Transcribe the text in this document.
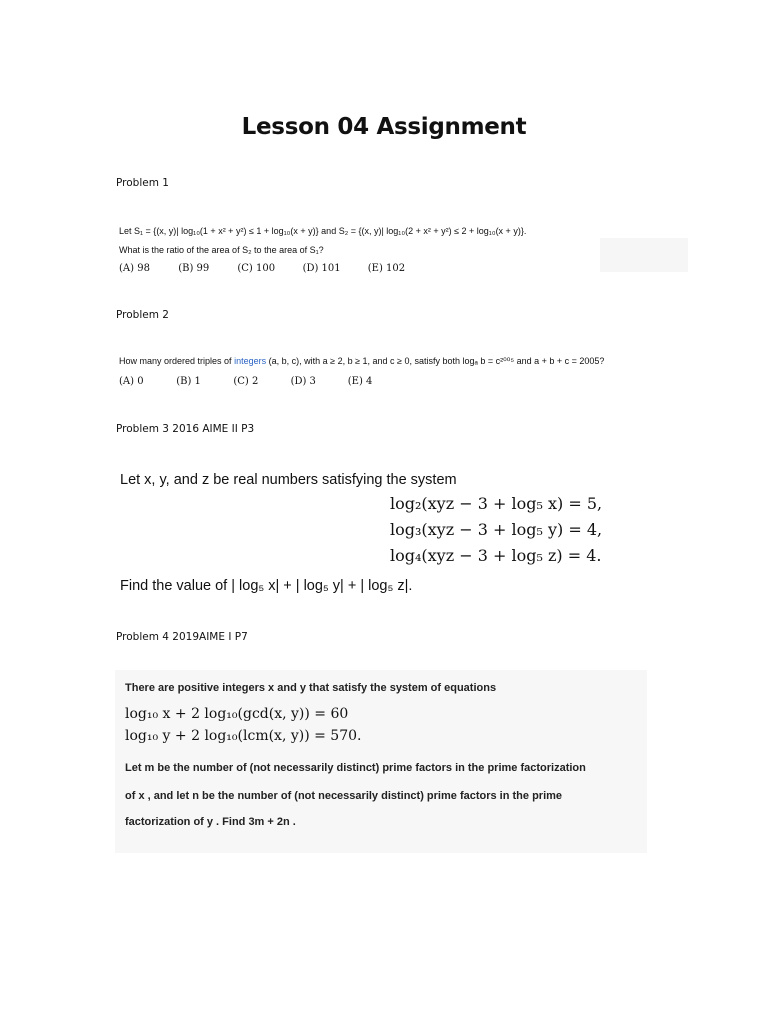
Lesson 04 Assignment
Problem 1
Let S₁ = {(x, y)| log₁₀(1 + x² + y²) ≤ 1 + log₁₀(x + y)} and S₂ = {(x, y)| log₁₀(2 + x² + y²) ≤ 2 + log₁₀(x + y)}.
What is the ratio of the area of S₂ to the area of S₁?
(A) 98	(B) 99	(C) 100	(D) 101	(E) 102
Problem 2
How many ordered triples of integers (a, b, c), with a ≥ 2, b ≥ 1, and c ≥ 0, satisfy both logₐ b = c²⁰⁰⁵ and a + b + c = 2005?
(A) 0	(B) 1	(C) 2	(D) 3	(E) 4
Problem 3 2016 AIME II P3
Let x, y, and z be real numbers satisfying the system
log₂(xyz − 3 + log₅ x) = 5,
log₃(xyz − 3 + log₅ y) = 4,
log₄(xyz − 3 + log₅ z) = 4.
Find the value of | log₅ x| + | log₅ y| + | log₅ z|.
Problem 4 2019AIME I P7
There are positive integers x and y that satisfy the system of equations
log₁₀ x + 2 log₁₀(gcd(x, y)) = 60
log₁₀ y + 2 log₁₀(lcm(x, y)) = 570.
Let m be the number of (not necessarily distinct) prime factors in the prime factorization
of x , and let n be the number of (not necessarily distinct) prime factors in the prime
factorization of y . Find 3m + 2n .
